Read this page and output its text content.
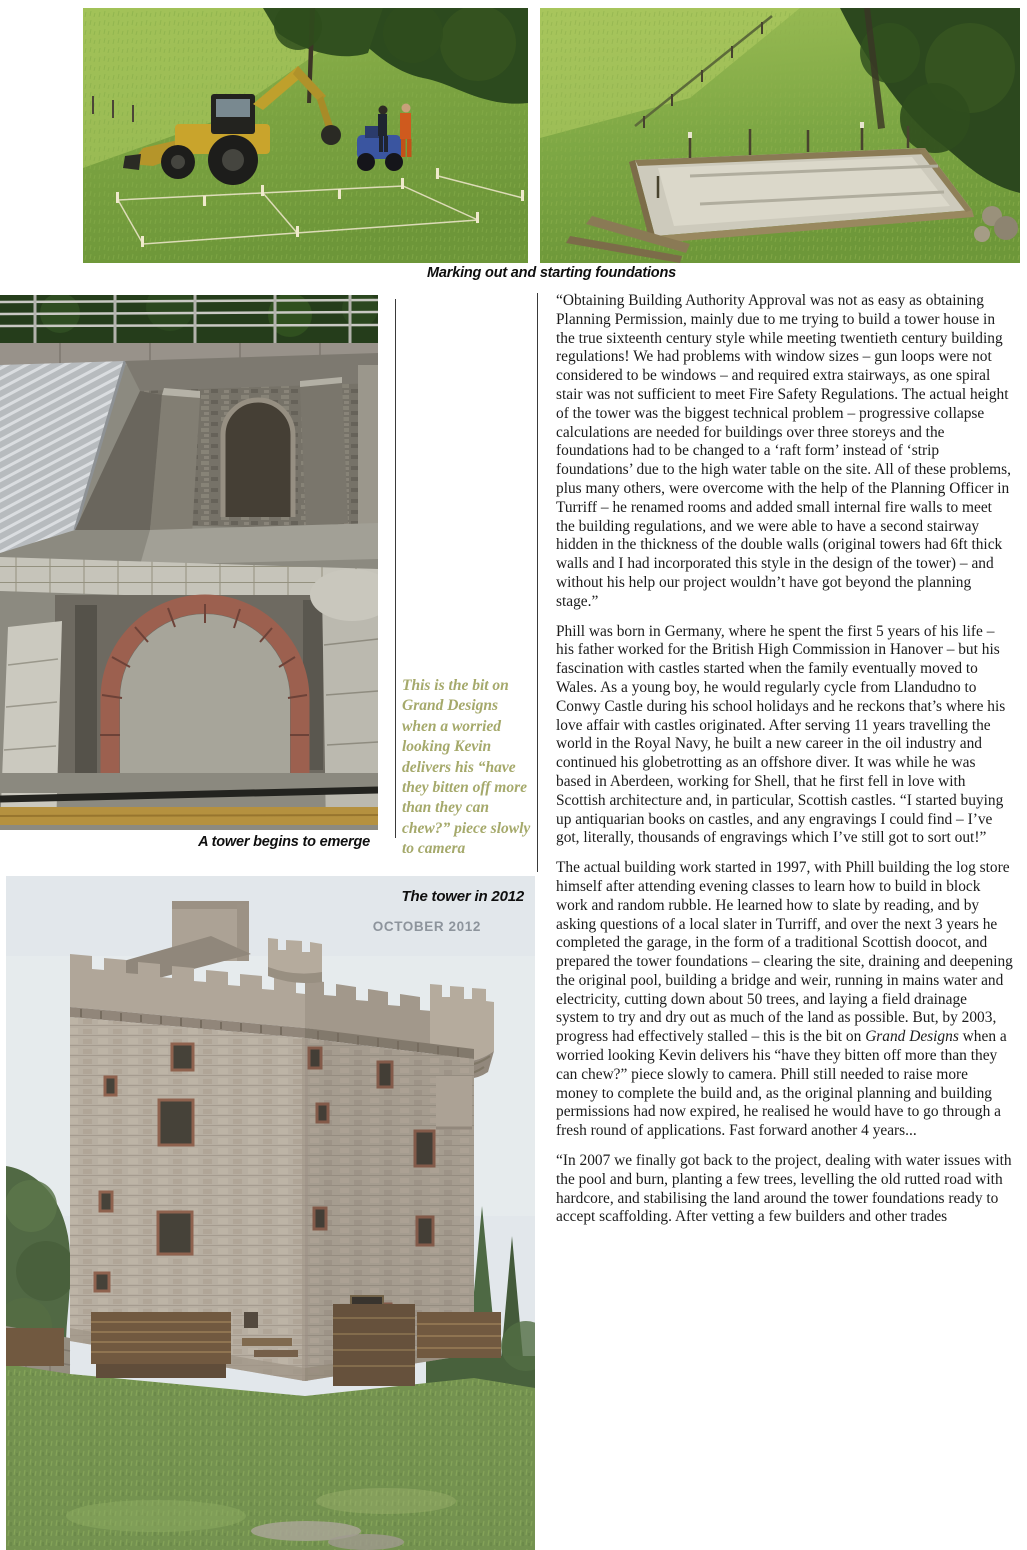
Marking out and starting foundations
A tower begins to emerge
This is the bit on Grand Designs when a worried looking Kevin delivers his “have they bitten off more than they can chew?” piece slowly to camera
The tower in 2012
OCTOBER 2012

“Obtaining Building Authority Approval was not as easy as obtaining Planning Permission, mainly due to me trying to build a tower house in the true sixteenth century style while meeting twentieth century building regulations! We had problems with window sizes – gun loops were not considered to be windows – and required extra stairways, as one spiral stair was not sufficient to meet Fire Safety Regulations. The actual height of the tower was the biggest technical problem – progressive collapse calculations are needed for buildings over three storeys and the foundations had to be changed to a ‘raft form’ instead of ‘strip foundations’ due to the high water table on the site. All of these problems, plus many others, were overcome with the help of the Planning Officer in Turriff – he renamed rooms and added small internal fire walls to meet the building regulations, and we were able to have a second stairway hidden in the thickness of the double walls (original towers had 6ft thick walls and I had incorporated this style in the design of the tower) – and without his help our project wouldn’t have got beyond the planning stage.”

Phill was born in Germany, where he spent the first 5 years of his life – his father worked for the British High Commission in Hanover – but his fascination with castles started when the family eventually moved to Wales. As a young boy, he would regularly cycle from Llandudno to Conwy Castle during his school holidays and he reckons that’s where his love affair with castles originated. After serving 11 years travelling the world in the Royal Navy, he built a new career in the oil industry and continued his globetrotting as an offshore diver. It was while he was based in Aberdeen, working for Shell, that he first fell in love with Scottish architecture and, in particular, Scottish castles. “I started buying up antiquarian books on castles, and any engravings I could find – I’ve got, literally, thousands of engravings which I’ve still got to sort out!”

The actual building work started in 1997, with Phill building the log store himself after attending evening classes to learn how to build in block work and random rubble. He learned how to slate by reading, and by asking questions of a local slater in Turriff, and over the next 3 years he completed the garage, in the form of a traditional Scottish doocot, and prepared the tower foundations – clearing the site, draining and deepening the original pool, building a bridge and weir, running in mains water and electricity, cutting down about 50 trees, and laying a field drainage system to try and dry out as much of the land as possible. But, by 2003, progress had effectively stalled – this is the bit on Grand Designs when a worried looking Kevin delivers his “have they bitten off more than they can chew?” piece slowly to camera. Phill still needed to raise more money to complete the build and, as the original planning and building permissions had now expired, he realised he would have to go through a fresh round of applications. Fast forward another 4 years...

“In 2007 we finally got back to the project, dealing with water issues with the pool and burn, planting a few trees, levelling the old rutted road with hardcore, and stabilising the land around the tower foundations ready to accept scaffolding. After vetting a few builders and other trades
